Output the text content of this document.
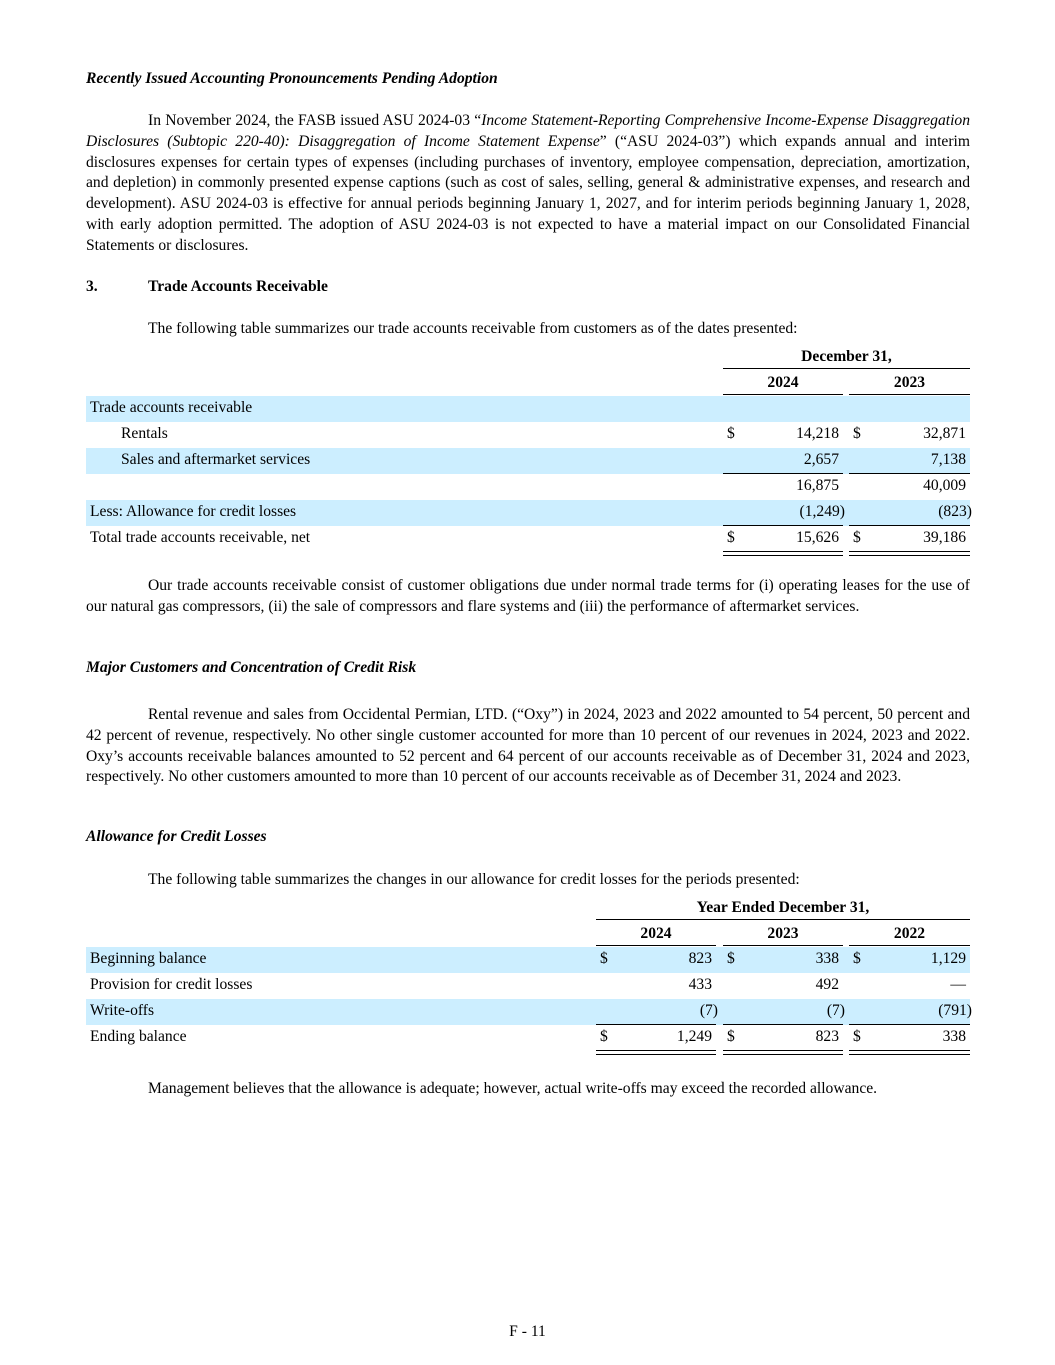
Recently Issued Accounting Pronouncements Pending Adoption

In November 2024, the FASB issued ASU 2024-03 “Income Statement-Reporting Comprehensive Income-Expense Disaggregation Disclosures (Subtopic 220-40): Disaggregation of Income Statement Expense” (“ASU 2024-03”) which expands annual and interim disclosures expenses for certain types of expenses (including purchases of inventory, employee compensation, depreciation, amortization, and depletion) in commonly presented expense captions (such as cost of sales, selling, general & administrative expenses, and research and development). ASU 2024-03 is effective for annual periods beginning January 1, 2027, and for interim periods beginning January 1, 2028, with early adoption permitted. The adoption of ASU 2024-03 is not expected to have a material impact on our Consolidated Financial Statements or disclosures.

3.	Trade Accounts Receivable
The following table summarizes our trade accounts receivable from customers as of the dates presented:
December 31,
2024	2023
Trade accounts receivable
Rentals	$	14,218 $	32,871
Sales and aftermarket services	2,657	7,138
16,875	40,009
Less: Allowance for credit losses	(1,249)	(823)
Total trade accounts receivable, net	$	15,626 $	39,186

Our trade accounts receivable consist of customer obligations due under normal trade terms for (i) operating leases for the use of our natural gas compressors, (ii) the sale of compressors and flare systems and (iii) the performance of aftermarket services.

Major Customers and Concentration of Credit Risk

Rental revenue and sales from Occidental Permian, LTD. (“Oxy”) in 2024, 2023 and 2022 amounted to 54 percent, 50 percent and 42 percent of revenue, respectively. No other single customer accounted for more than 10 percent of our revenues in 2024, 2023 and 2022. Oxy’s accounts receivable balances amounted to 52 percent and 64 percent of our accounts receivable as of December 31, 2024 and 2023, respectively. No other customers amounted to more than 10 percent of our accounts receivable as of December 31, 2024 and 2023.

Allowance for Credit Losses
The following table summarizes the changes in our allowance for credit losses for the periods presented:
Year Ended December 31,
2024	2023	2022
Beginning balance	$	823 $	338 $	1,129
Provision for credit losses	433	492	—
Write-offs	(7)	(7)	(791)
Ending balance	$	1,249 $	823 $	338
Management believes that the allowance is adequate; however, actual write-offs may exceed the recorded allowance.
F - 11
